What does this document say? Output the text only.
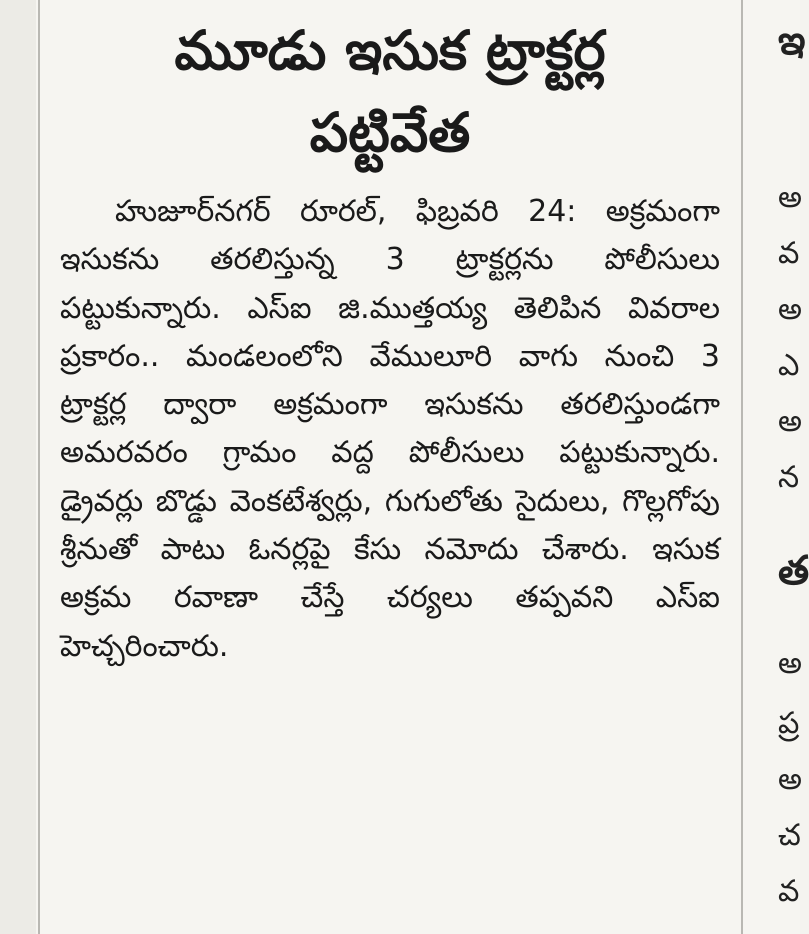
మూడు ఇసుక ట్రాక్టర్ల
పట్టివేత

హుజూర్‌నగర్ రూరల్, ఫిబ్రవరి 24: అక్రమంగా ఇసుకను తరలిస్తున్న 3 ట్రాక్టర్లను పోలీసులు పట్టుకున్నారు. ఎస్ఐ జి.ముత్తయ్య తెలిపిన వివరాల ప్రకారం.. మండలంలోని వేములూరి వాగు నుంచి 3 ట్రాక్టర్ల ద్వారా అక్రమంగా ఇసుకను తరలిస్తుండగా అమరవరం గ్రామం వద్ద పోలీసులు పట్టుకున్నారు. డ్రైవర్లు బొడ్డు వెంకటేశ్వర్లు, గుగులోతు సైదులు, గొల్లగోపు శ్రీనుతో పాటు ఓనర్లపై కేసు నమోదు చేశారు. ఇసుక అక్రమ రవాణా చేస్తే చర్యలు తప్పవని ఎస్ఐ హెచ్చరించారు.

ఇ
అ
వ
అ
ఎ
అ
న
త
అ
ప్ర
అ
చ
వ
